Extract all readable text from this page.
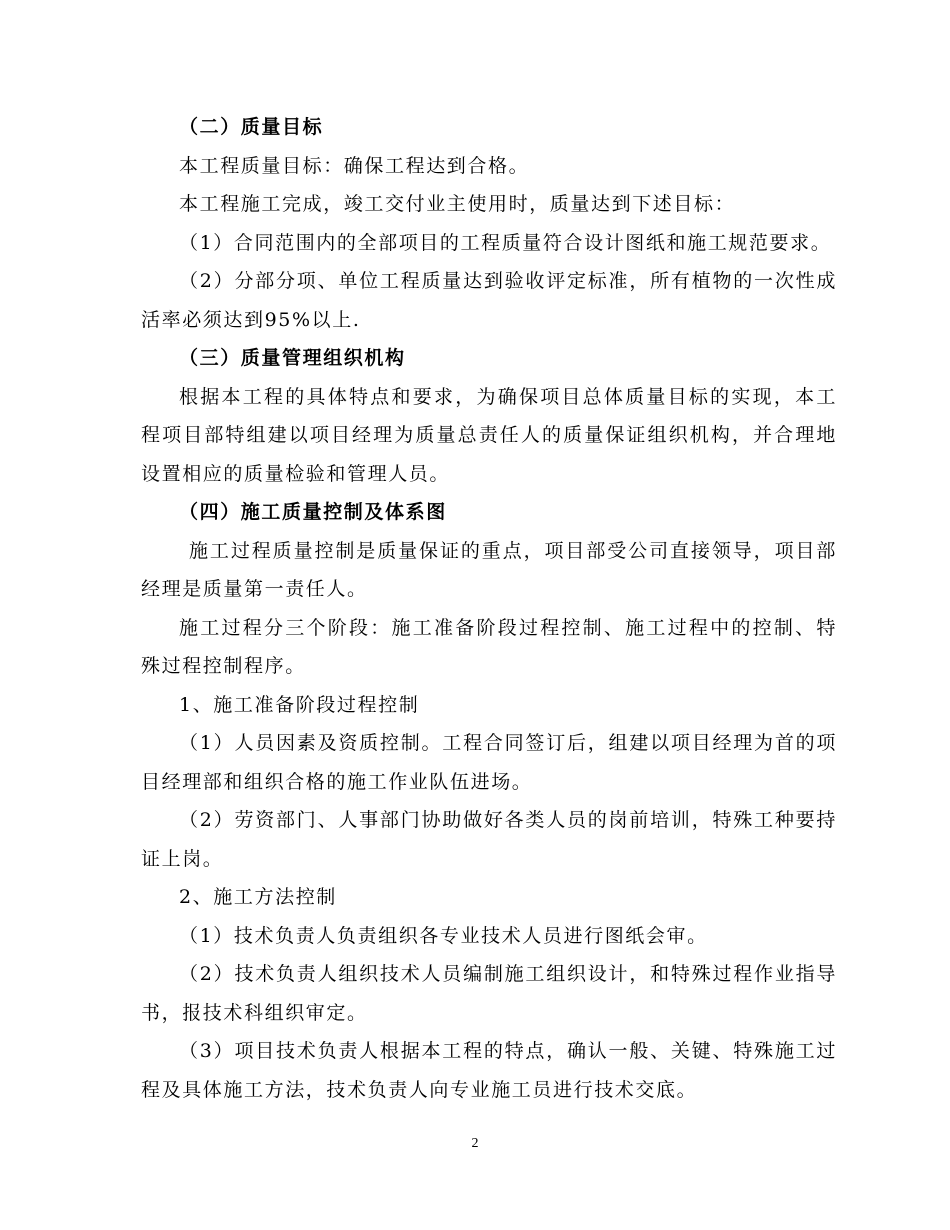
（二）质量目标

本工程质量目标：确保工程达到合格。

本工程施工完成，竣工交付业主使用时，质量达到下述目标：

（1）合同范围内的全部项目的工程质量符合设计图纸和施工规范要求。

（2）分部分项、单位工程质量达到验收评定标准，所有植物的一次性成活率必须达到95%以上.

（三）质量管理组织机构

根据本工程的具体特点和要求，为确保项目总体质量目标的实现，本工程项目部特组建以项目经理为质量总责任人的质量保证组织机构，并合理地设置相应的质量检验和管理人员。

（四）施工质量控制及体系图

施工过程质量控制是质量保证的重点，项目部受公司直接领导，项目部经理是质量第一责任人。

施工过程分三个阶段：施工准备阶段过程控制、施工过程中的控制、特殊过程控制程序。

1、施工准备阶段过程控制

（1）人员因素及资质控制。工程合同签订后，组建以项目经理为首的项目经理部和组织合格的施工作业队伍进场。

（2）劳资部门、人事部门协助做好各类人员的岗前培训，特殊工种要持证上岗。

2、施工方法控制

（1）技术负责人负责组织各专业技术人员进行图纸会审。

（2）技术负责人组织技术人员编制施工组织设计，和特殊过程作业指导书，报技术科组织审定。

（3）项目技术负责人根据本工程的特点，确认一般、关键、特殊施工过程及具体施工方法，技术负责人向专业施工员进行技术交底。

2
